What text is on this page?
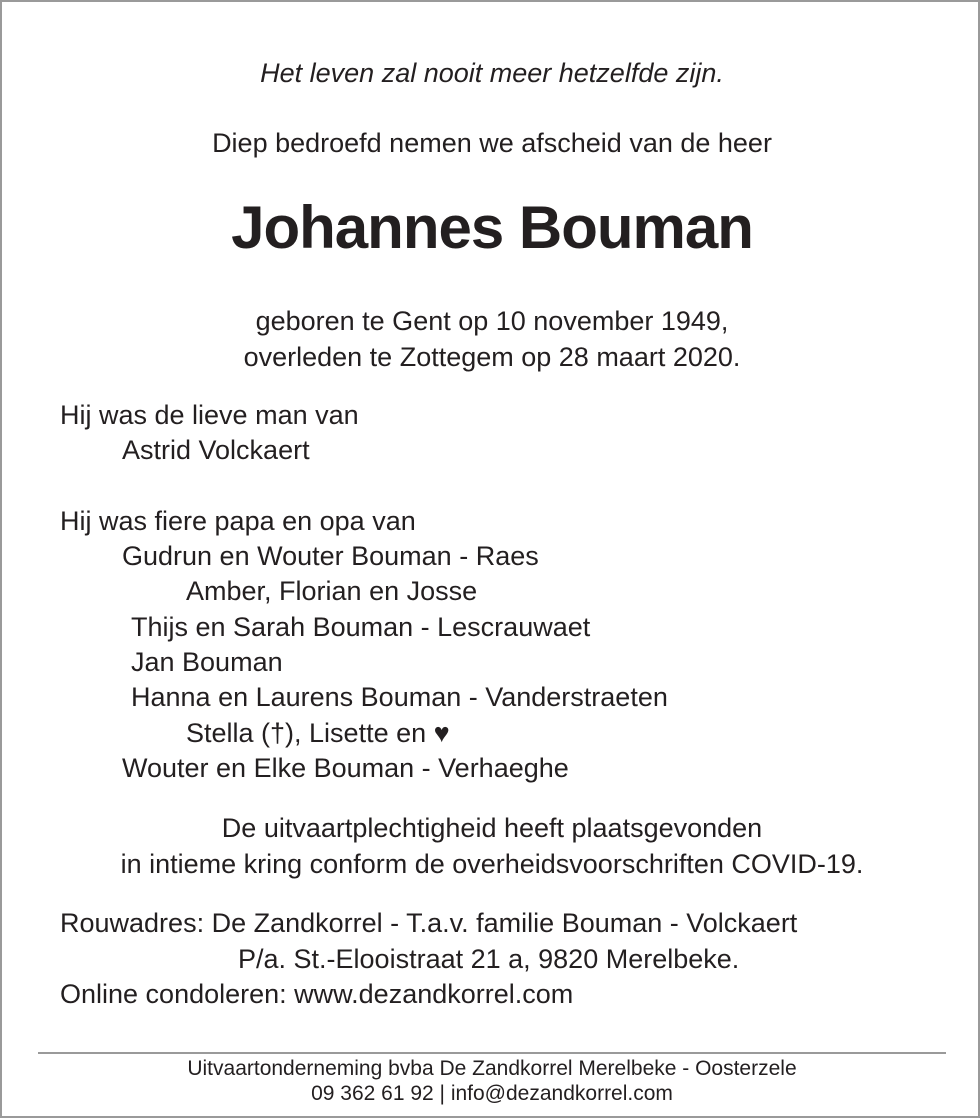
Het leven zal nooit meer hetzelfde zijn.
Diep bedroefd nemen we afscheid van de heer
Johannes Bouman
geboren te Gent op 10 november 1949,
overleden te Zottegem op 28 maart 2020.
Hij was de lieve man van
Astrid Volckaert
Hij was fiere papa en opa van
Gudrun en Wouter Bouman - Raes
Amber, Florian en Josse
Thijs en Sarah Bouman - Lescrauwaet
Jan Bouman
Hanna en Laurens Bouman - Vanderstraeten
Stella (†), Lisette en ♥
Wouter en Elke Bouman - Verhaeghe
De uitvaartplechtigheid heeft plaatsgevonden
in intieme kring conform de overheidsvoorschriften COVID-19.
Rouwadres: De Zandkorrel - T.a.v. familie Bouman - Volckaert
P/a. St.-Elooistraat 21 a, 9820 Merelbeke.
Online condoleren: www.dezandkorrel.com
Uitvaartonderneming bvba De Zandkorrel Merelbeke - Oosterzele
09 362 61 92 | info@dezandkorrel.com
